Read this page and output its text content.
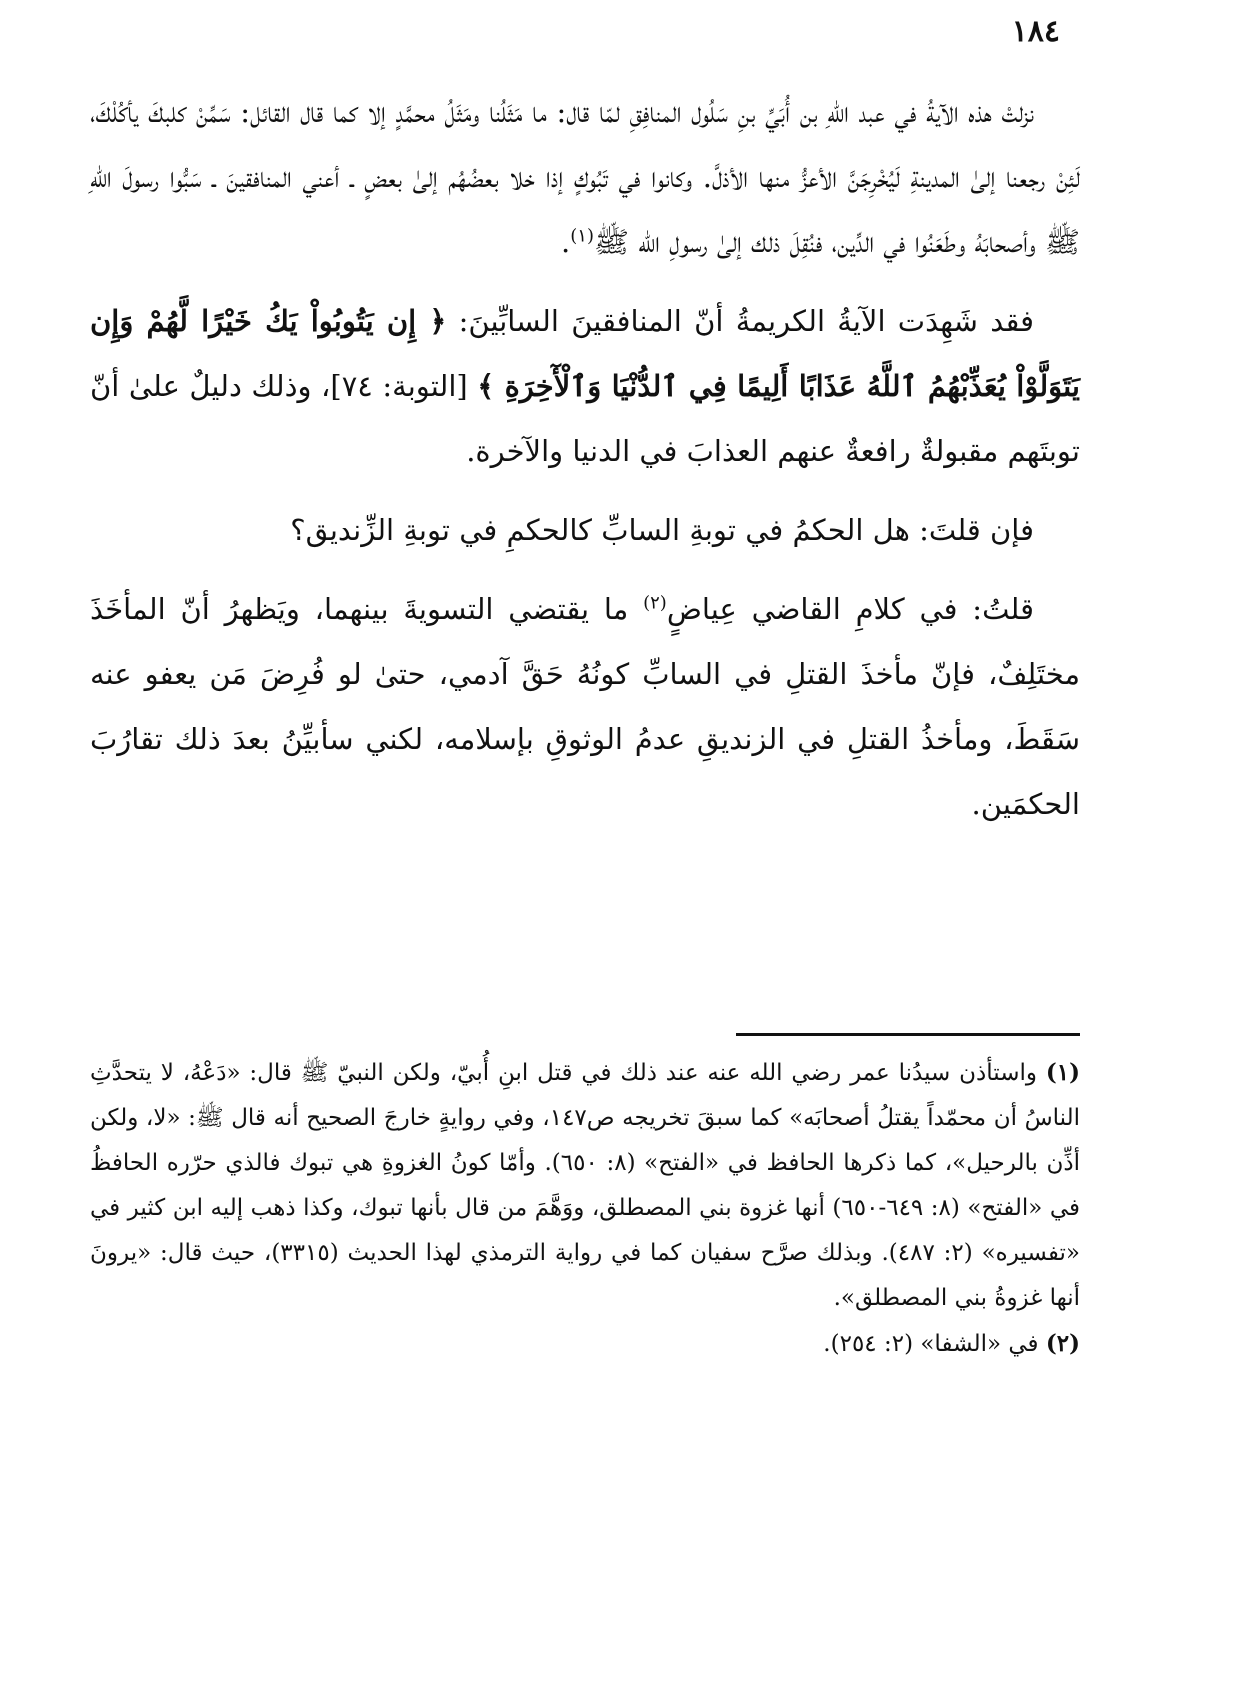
١٨٤

نزلتْ هذه الآيةُ في عبد اللهِ بن أُبَيِّ بنِ سَلُول المنافِقِ لمّا قال: ما مَثَلُنا ومَثَلُ محمَّدٍ إلا كما قال القائل: سَمِّنْ كلبكَ يأكُلْكَ، لَئِنْ رجعنا إلىٰ المدينةِ لَيُخْرِجَنَّ الأعزُّ منها الأذلَّ. وكانوا في تَبُوكٍ إذا خلا بعضُهُم إلىٰ بعضٍ ـ أعني المنافقينَ ـ سَبُّوا رسولَ اللهِ ﷺ وأصحابَهُ وطَعَنُوا في الدِّين، فنُقِلَ ذلك إلىٰ رسولِ الله ﷺ$^{(١)}$.

فقد شَهِدَت الآيةُ الكريمةُ أنّ المنافقينَ السابِّينَ: ﴿ إِن يَتُوبُواْ يَكُ خَيْرًا لَّهُمْ وَإِن يَتَوَلَّوْاْ يُعَذِّبْهُمُ ٱللَّهُ عَذَابًا أَلِيمًا فِي ٱلدُّنْيَا وَٱلْأٓخِرَةِ ﴾ [التوبة: ٧٤]، وذلك دليلٌ علىٰ أنّ توبتَهم مقبولةٌ رافعةٌ عنهم العذابَ في الدنيا والآخرة.

فإن قلتَ: هل الحكمُ في توبةِ السابِّ كالحكمِ في توبةِ الزِّنديق؟

قلتُ: في كلامِ القاضي عِياضٍ$^{(٢)}$ ما يقتضي التسويةَ بينهما، ويَظهرُ أنّ المأخَذَ مختَلِفٌ، فإنّ مأخذَ القتلِ في السابِّ كونُهُ حَقَّ آدمي، حتىٰ لو فُرِضَ مَن يعفو عنه سَقَطَ، ومأخذُ القتلِ في الزنديقِ عدمُ الوثوقِ بإسلامه، لكني سأبيِّنُ بعدَ ذلك تقارُبَ الحكمَين.

(١) واستأذن سيدُنا عمر رضي الله عنه عند ذلك في قتل ابنِ أُبيّ، ولكن النبيّ ﷺ قال: «دَعْهُ، لا يتحدَّثِ الناسُ أن محمّداً يقتلُ أصحابَه» كما سبقَ تخريجه ص١٤٧، وفي روايةٍ خارجَ الصحيح أنه قال ﷺ: «لا، ولكن أذِّن بالرحيل»، كما ذكرها الحافظ في «الفتح» (٨: ٦٥٠). وأمّا كونُ الغزوةِ هي تبوك فالذي حرّره الحافظُ في «الفتح» (٨: ٦٤٩-٦٥٠) أنها غزوة بني المصطلق، ووَهَّمَ من قال بأنها تبوك، وكذا ذهب إليه ابن كثير في «تفسيره» (٢: ٤٨٧). وبذلك صرَّح سفيان كما في رواية الترمذي لهذا الحديث (٣٣١٥)، حيث قال: «يرونَ أنها غزوةُ بني المصطلق».

(٢) في «الشفا» (٢: ٢٥٤).
